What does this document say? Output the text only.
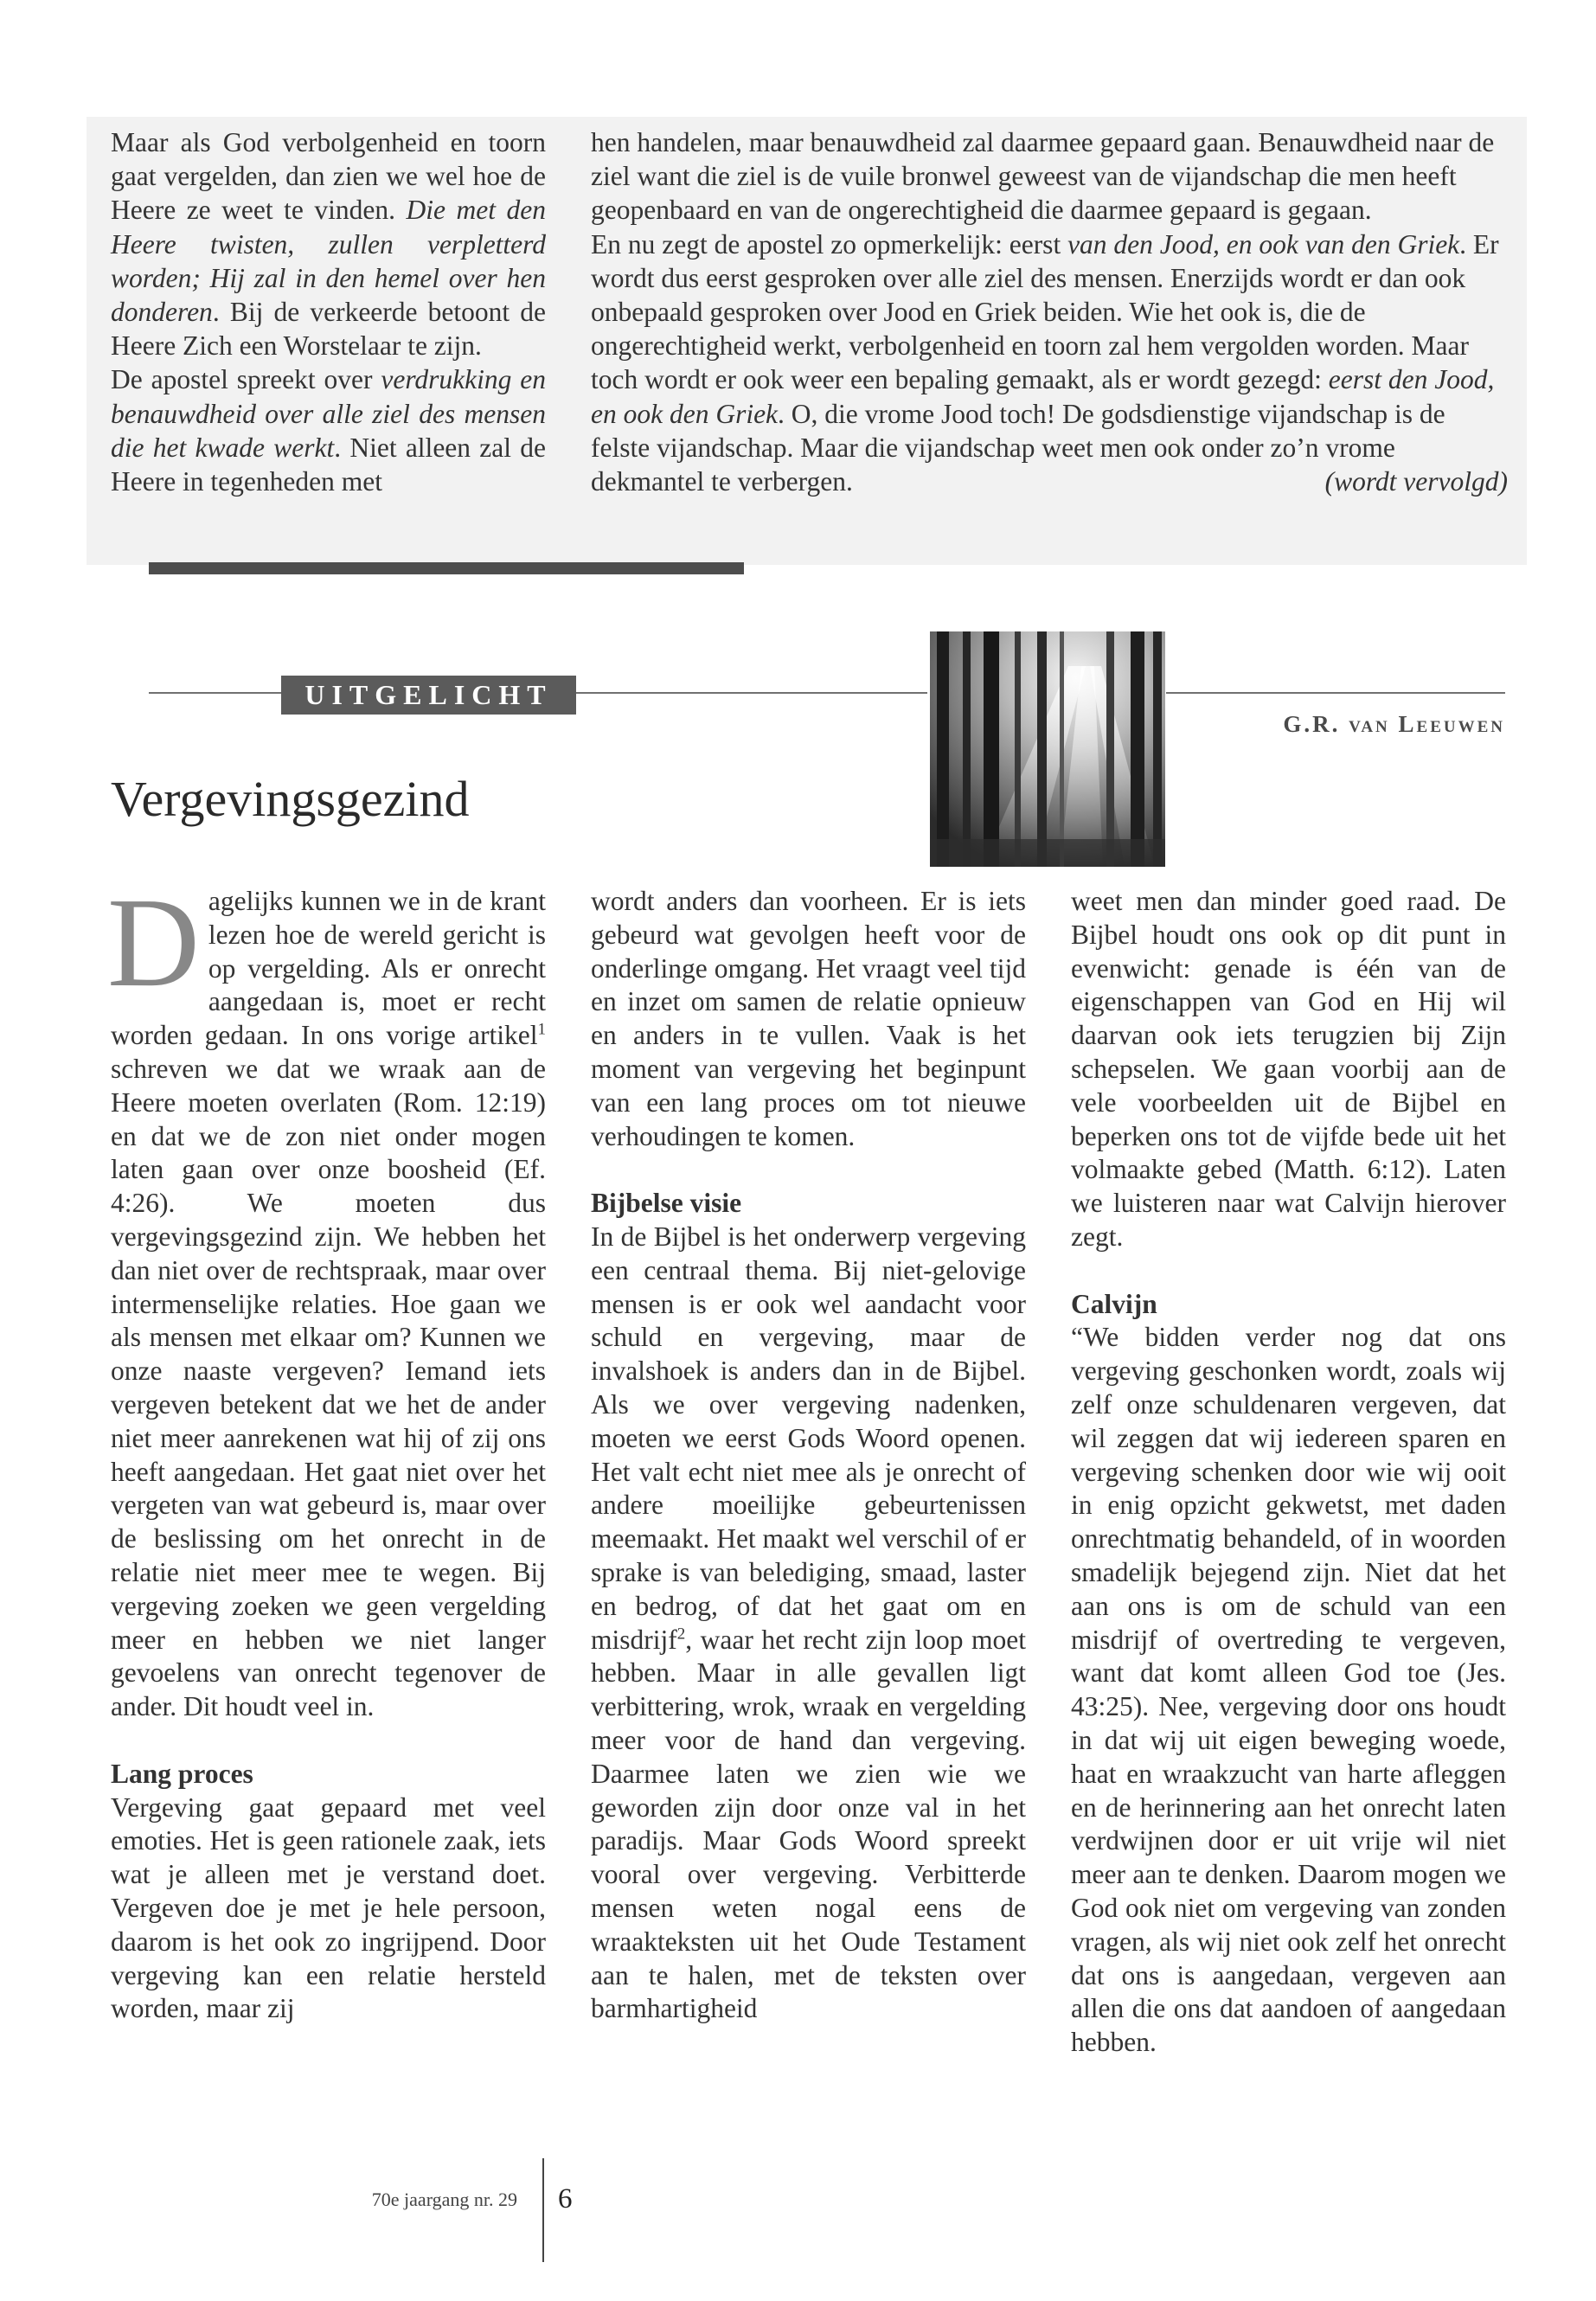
Maar als God verbolgenheid en toorn gaat vergelden, dan zien we wel hoe de Heere ze weet te vinden. Die met den Heere twisten, zullen verpletterd worden; Hij zal in den hemel over hen donderen. Bij de verkeerde betoont de Heere Zich een Worstelaar te zijn.

De apostel spreekt over verdrukking en benauwdheid over alle ziel des mensen die het kwade werkt. Niet alleen zal de Heere in tegenheden met

hen handelen, maar benauwdheid zal daarmee gepaard gaan. Benauwdheid naar de ziel want die ziel is de vuile bronwel geweest van de vijandschap die men heeft geopenbaard en van de ongerechtigheid die daarmee gepaard is gegaan.

En nu zegt de apostel zo opmerkelijk: eerst van den Jood, en ook van den Griek. Er wordt dus eerst gesproken over alle ziel des mensen. Enerzijds wordt er dan ook onbepaald gesproken over Jood en Griek beiden. Wie het ook is, die de ongerechtigheid werkt, verbolgenheid en toorn zal hem vergolden worden. Maar toch wordt er ook weer een bepaling gemaakt, als er wordt gezegd: eerst den Jood, en ook den Griek. O, die vrome Jood toch! De godsdienstige vijandschap is de felste vijandschap. Maar die vijandschap weet men ook onder zo’n vrome dekmantel te verbergen.	(wordt vervolgd)

UITGELICHT
G.R. van Leeuwen
Vergevingsgezind

Dagelijks kunnen we in de krant lezen hoe de wereld gericht is op vergelding. Als er onrecht aangedaan is, moet er recht worden gedaan. In ons vorige artikel$^1$ schreven we dat we wraak aan de Heere moeten overlaten (Rom. 12:19) en dat we de zon niet onder mogen laten gaan over onze boosheid (Ef. 4:26). We moeten dus vergevingsgezind zijn. We hebben het dan niet over de rechtspraak, maar over intermenselijke relaties. Hoe gaan we als mensen met elkaar om? Kunnen we onze naaste vergeven? Iemand iets vergeven betekent dat we het de ander niet meer aanrekenen wat hij of zij ons heeft aangedaan. Het gaat niet over het vergeten van wat gebeurd is, maar over de beslissing om het onrecht in de relatie niet meer mee te wegen. Bij vergeving zoeken we geen vergelding meer en hebben we niet langer gevoelens van onrecht tegenover de ander. Dit houdt veel in.

Lang proces

Vergeving gaat gepaard met veel emoties. Het is geen rationele zaak, iets wat je alleen met je verstand doet. Vergeven doe je met je hele persoon, daarom is het ook zo ingrijpend. Door vergeving kan een relatie hersteld worden, maar zij

wordt anders dan voorheen. Er is iets gebeurd wat gevolgen heeft voor de onderlinge omgang. Het vraagt veel tijd en inzet om samen de relatie opnieuw en anders in te vullen. Vaak is het moment van vergeving het beginpunt van een lang proces om tot nieuwe verhoudingen te komen.

Bijbelse visie

In de Bijbel is het onderwerp vergeving een centraal thema. Bij niet-gelovige mensen is er ook wel aandacht voor schuld en vergeving, maar de invalshoek is anders dan in de Bijbel. Als we over vergeving nadenken, moeten we eerst Gods Woord openen. Het valt echt niet mee als je onrecht of andere moeilijke gebeurtenissen meemaakt. Het maakt wel verschil of er sprake is van belediging, smaad, laster en bedrog, of dat het gaat om en misdrijf$^2$, waar het recht zijn loop moet hebben. Maar in alle gevallen ligt verbittering, wrok, wraak en vergelding meer voor de hand dan vergeving. Daarmee laten we zien wie we geworden zijn door onze val in het paradijs. Maar Gods Woord spreekt vooral over vergeving. Verbitterde mensen weten nogal eens de wraakteksten uit het Oude Testament aan te halen, met de teksten over barmhartigheid

weet men dan minder goed raad. De Bijbel houdt ons ook op dit punt in evenwicht: genade is één van de eigenschappen van God en Hij wil daarvan ook iets terugzien bij Zijn schepselen. We gaan voorbij aan de vele voorbeelden uit de Bijbel en beperken ons tot de vijfde bede uit het volmaakte gebed (Matth. 6:12). Laten we luisteren naar wat Calvijn hierover zegt.

Calvijn

“We bidden verder nog dat ons vergeving geschonken wordt, zoals wij zelf onze schuldenaren vergeven, dat wil zeggen dat wij iedereen sparen en vergeving schenken door wie wij ooit in enig opzicht gekwetst, met daden onrechtmatig behandeld, of in woorden smadelijk bejegend zijn. Niet dat het aan ons is om de schuld van een misdrijf of overtreding te vergeven, want dat komt alleen God toe (Jes. 43:25). Nee, vergeving door ons houdt in dat wij uit eigen beweging woede, haat en wraakzucht van harte afleggen en de herinnering aan het onrecht laten verdwijnen door er uit vrije wil niet meer aan te denken. Daarom mogen we God ook niet om vergeving van zonden vragen, als wij niet ook zelf het onrecht dat ons is aangedaan, vergeven aan allen die ons dat aandoen of aangedaan hebben.

70e jaargang nr. 29 6
